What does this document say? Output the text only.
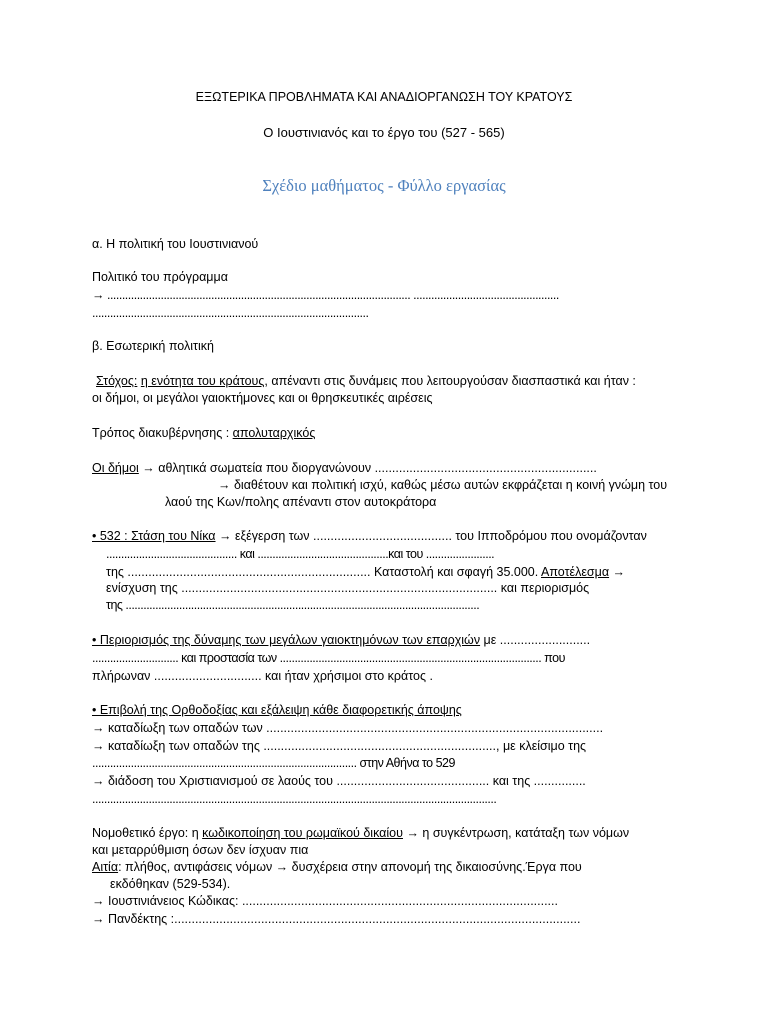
ΕΞΩΤΕΡΙΚΑ ΠΡΟΒΛΗΜΑΤΑ ΚΑΙ ΑΝΑΔΙΟΡΓΑΝΩΣΗ ΤΟΥ ΚΡΑΤΟΥΣ
Ο Ιουστινιανός και το έργο του (527 - 565)
Σχέδιο μαθήματος - Φύλλο εργασίας
α. Η πολιτική του Ιουστινιανού
Πολιτικό του πρόγραμμα
→ ...................................................................................................... .................................................
.............................................................................................
β. Εσωτερική πολιτική
Στόχος: η ενότητα του κράτους, απέναντι στις δυνάμεις που λειτουργούσαν διασπαστικά και ήταν :
οι δήμοι, οι μεγάλοι γαιοκτήμονες και οι θρησκευτικές αιρέσεις
Τρόπος διακυβέρνησης : απολυταρχικός
Οι δήμοι → αθλητικά σωματεία που διοργανώνουν ................................................................
→ διαθέτουν και πολιτική ισχύ, καθώς μέσω αυτών εκφράζεται η κοινή γνώμη του
λαού της Κων/πολης απέναντι στον αυτοκράτορα
• 532 : Στάση του Νίκα → εξέγερση των ........................................ του Ιπποδρόμου που ονομάζονταν
............................................ και ............................................και του .......................
της ...................................................................... Καταστολή και σφαγή 35.000. Αποτέλεσμα →
ενίσχυση της ........................................................................................... και περιορισμός
της .......................................................................................................................
• Περιορισμός της δύναμης των μεγάλων γαιοκτημόνων των επαρχιών με ..........................
............................. και προστασία των ........................................................................................ που
πλήρωναν ............................... και ήταν χρήσιμοι στο κράτος .
• Επιβολή της Ορθοδοξίας και εξάλειψη κάθε διαφορετικής άποψης
→ καταδίωξη των οπαδών των .................................................................................................
→ καταδίωξη των οπαδών της ..................................................................., με κλείσιμο της
......................................................................................... στην Αθήνα το 529
→ διάδοση του Χριστιανισμού σε λαούς του ............................................ και της ...............
........................................................................................................................................
Νομοθετικό έργο: η κωδικοποίηση του ρωμαϊκού δικαίου → η συγκέντρωση, κατάταξη των νόμων
και μεταρρύθμιση όσων δεν ίσχυαν πια
Αιτία: πλήθος, αντιφάσεις νόμων → δυσχέρεια στην απονομή της δικαιοσύνης.Έργα που
εκδόθηκαν (529-534).
→ Ιουστινιάνειος Κώδικας: ...........................................................................................
→ Πανδέκτης :.....................................................................................................................
